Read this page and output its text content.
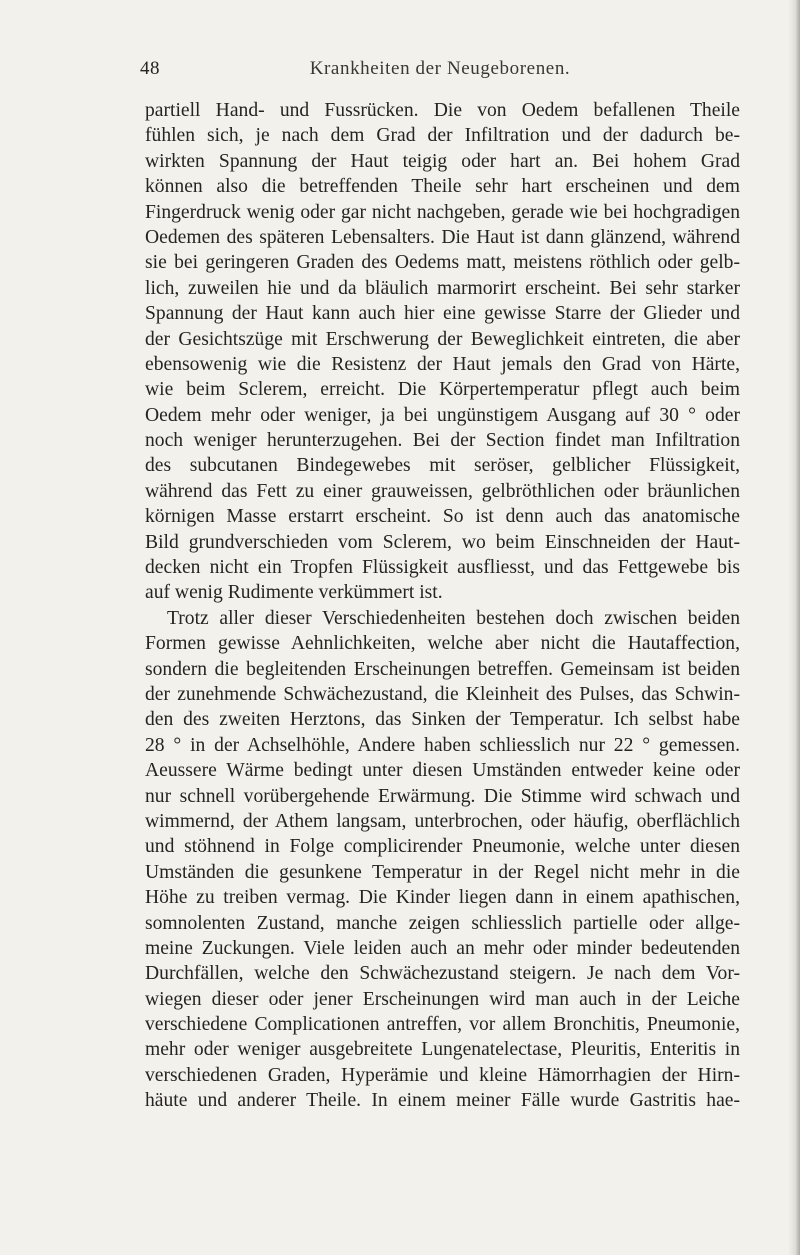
48	Krankheiten der Neugeborenen.
partiell Hand- und Fussrücken. Die von Oedem befallenen Theile
fühlen sich, je nach dem Grad der Infiltration und der dadurch be-
wirkten Spannung der Haut teigig oder hart an. Bei hohem Grad
können also die betreffenden Theile sehr hart erscheinen und dem
Fingerdruck wenig oder gar nicht nachgeben, gerade wie bei hochgradigen
Oedemen des späteren Lebensalters. Die Haut ist dann glänzend, während
sie bei geringeren Graden des Oedems matt, meistens röthlich oder gelb-
lich, zuweilen hie und da bläulich marmorirt erscheint. Bei sehr starker
Spannung der Haut kann auch hier eine gewisse Starre der Glieder und
der Gesichtszüge mit Erschwerung der Beweglichkeit eintreten, die aber
ebensowenig wie die Resistenz der Haut jemals den Grad von Härte,
wie beim Sclerem, erreicht. Die Körpertemperatur pflegt auch beim
Oedem mehr oder weniger, ja bei ungünstigem Ausgang auf 30 ° oder
noch weniger herunterzugehen. Bei der Section findet man Infiltration
des subcutanen Bindegewebes mit seröser, gelblicher Flüssigkeit,
während das Fett zu einer grauweissen, gelbröthlichen oder bräunlichen
körnigen Masse erstarrt erscheint. So ist denn auch das anatomische
Bild grundverschieden vom Sclerem, wo beim Einschneiden der Haut-
decken nicht ein Tropfen Flüssigkeit ausfliesst, und das Fettgewebe bis
auf wenig Rudimente verkümmert ist.
Trotz aller dieser Verschiedenheiten bestehen doch zwischen beiden
Formen gewisse Aehnlichkeiten, welche aber nicht die Hautaffection,
sondern die begleitenden Erscheinungen betreffen. Gemeinsam ist beiden
der zunehmende Schwächezustand, die Kleinheit des Pulses, das Schwin-
den des zweiten Herztons, das Sinken der Temperatur. Ich selbst habe
28 ° in der Achselhöhle, Andere haben schliesslich nur 22 ° gemessen.
Aeussere Wärme bedingt unter diesen Umständen entweder keine oder
nur schnell vorübergehende Erwärmung. Die Stimme wird schwach und
wimmernd, der Athem langsam, unterbrochen, oder häufig, oberflächlich
und stöhnend in Folge complicirender Pneumonie, welche unter diesen
Umständen die gesunkene Temperatur in der Regel nicht mehr in die
Höhe zu treiben vermag. Die Kinder liegen dann in einem apathischen,
somnolenten Zustand, manche zeigen schliesslich partielle oder allge-
meine Zuckungen. Viele leiden auch an mehr oder minder bedeutenden
Durchfällen, welche den Schwächezustand steigern. Je nach dem Vor-
wiegen dieser oder jener Erscheinungen wird man auch in der Leiche
verschiedene Complicationen antreffen, vor allem Bronchitis, Pneumonie,
mehr oder weniger ausgebreitete Lungenatelectase, Pleuritis, Enteritis in
verschiedenen Graden, Hyperämie und kleine Hämorrhagien der Hirn-
häute und anderer Theile. In einem meiner Fälle wurde Gastritis hae-
